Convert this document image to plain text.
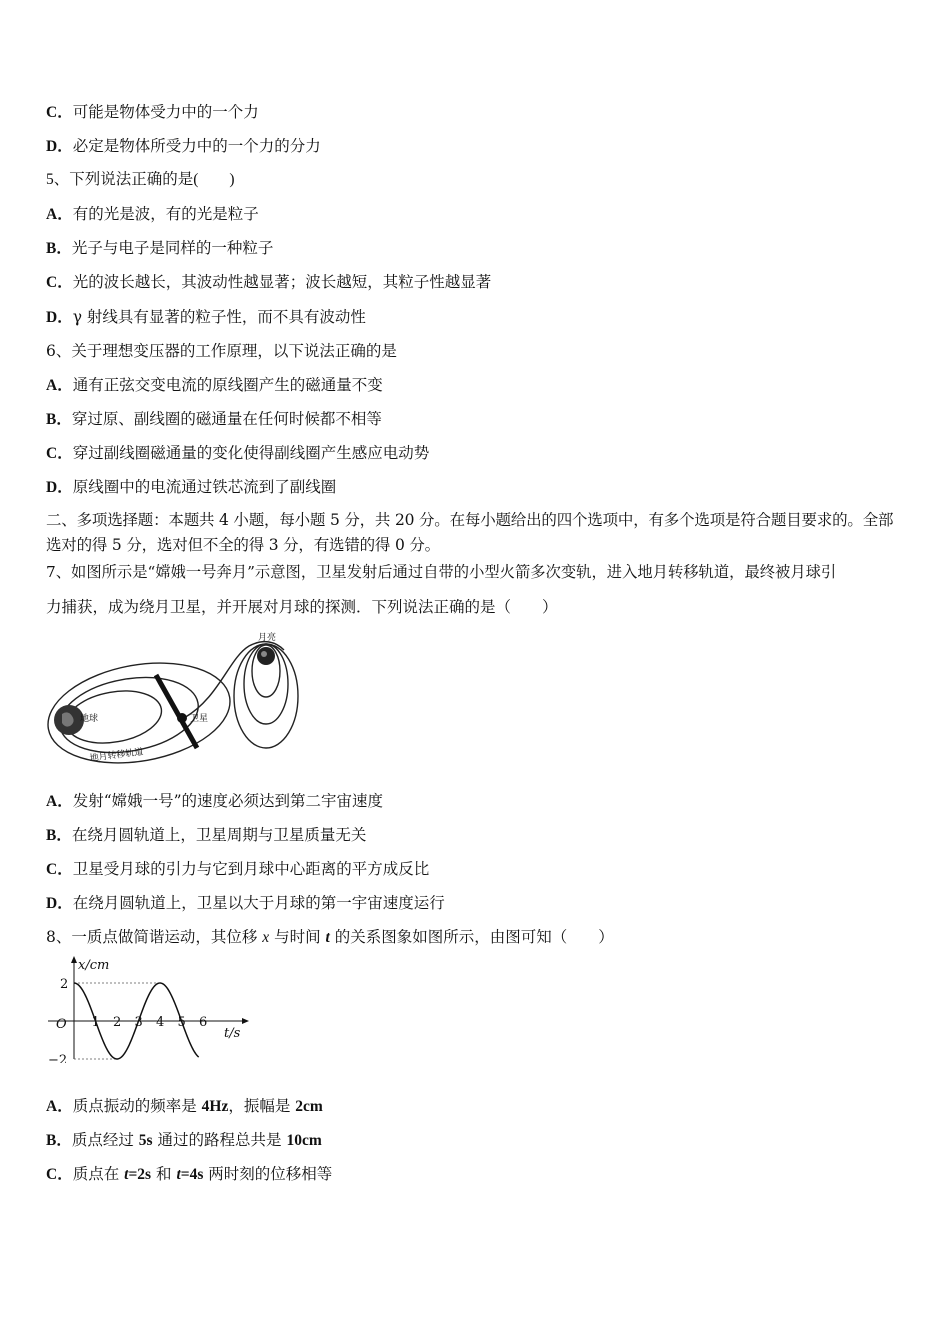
C．可能是物体受力中的一个力
D．必定是物体所受力中的一个力的分力
5、下列说法正确的是(　　)
A．有的光是波，有的光是粒子
B．光子与电子是同样的一种粒子
C．光的波长越长，其波动性越显著；波长越短，其粒子性越显著
D．γ 射线具有显著的粒子性，而不具有波动性
6、关于理想变压器的工作原理，以下说法正确的是
A．通有正弦交变电流的原线圈产生的磁通量不变
B．穿过原、副线圈的磁通量在任何时候都不相等
C．穿过副线圈磁通量的变化使得副线圈产生感应电动势
D．原线圈中的电流通过铁芯流到了副线圈
二、多项选择题：本题共 4 小题，每小题 5 分，共 20 分。在每小题给出的四个选项中，有多个选项是符合题目要求的。全部选对的得 5 分，选对但不全的得 3 分，有选错的得 0 分。
7、如图所示是“嫦娥一号奔月”示意图，卫星发射后通过自带的小型火箭多次变轨，进入地月转移轨道，最终被月球引
力捕获，成为绕月卫星，并开展对月球的探测．下列说法正确的是（　　）
地球
月亮
卫星
地月转移轨道
A．发射“嫦娥一号”的速度必须达到第二宇宙速度
B．在绕月圆轨道上，卫星周期与卫星质量无关
C．卫星受月球的引力与它到月球中心距离的平方成反比
D．在绕月圆轨道上，卫星以大于月球的第一宇宙速度运行
8、一质点做简谐运动，其位移 x 与时间 t 的关系图象如图所示，由图可知（　　）
x/cm
t/s
O 1 2 3 4 5 6
2
−2
A．质点振动的频率是 4Hz，振幅是 2cm
B．质点经过 5s 通过的路程总共是 10cm
C．质点在 t=2s 和 t=4s 两时刻的位移相等
